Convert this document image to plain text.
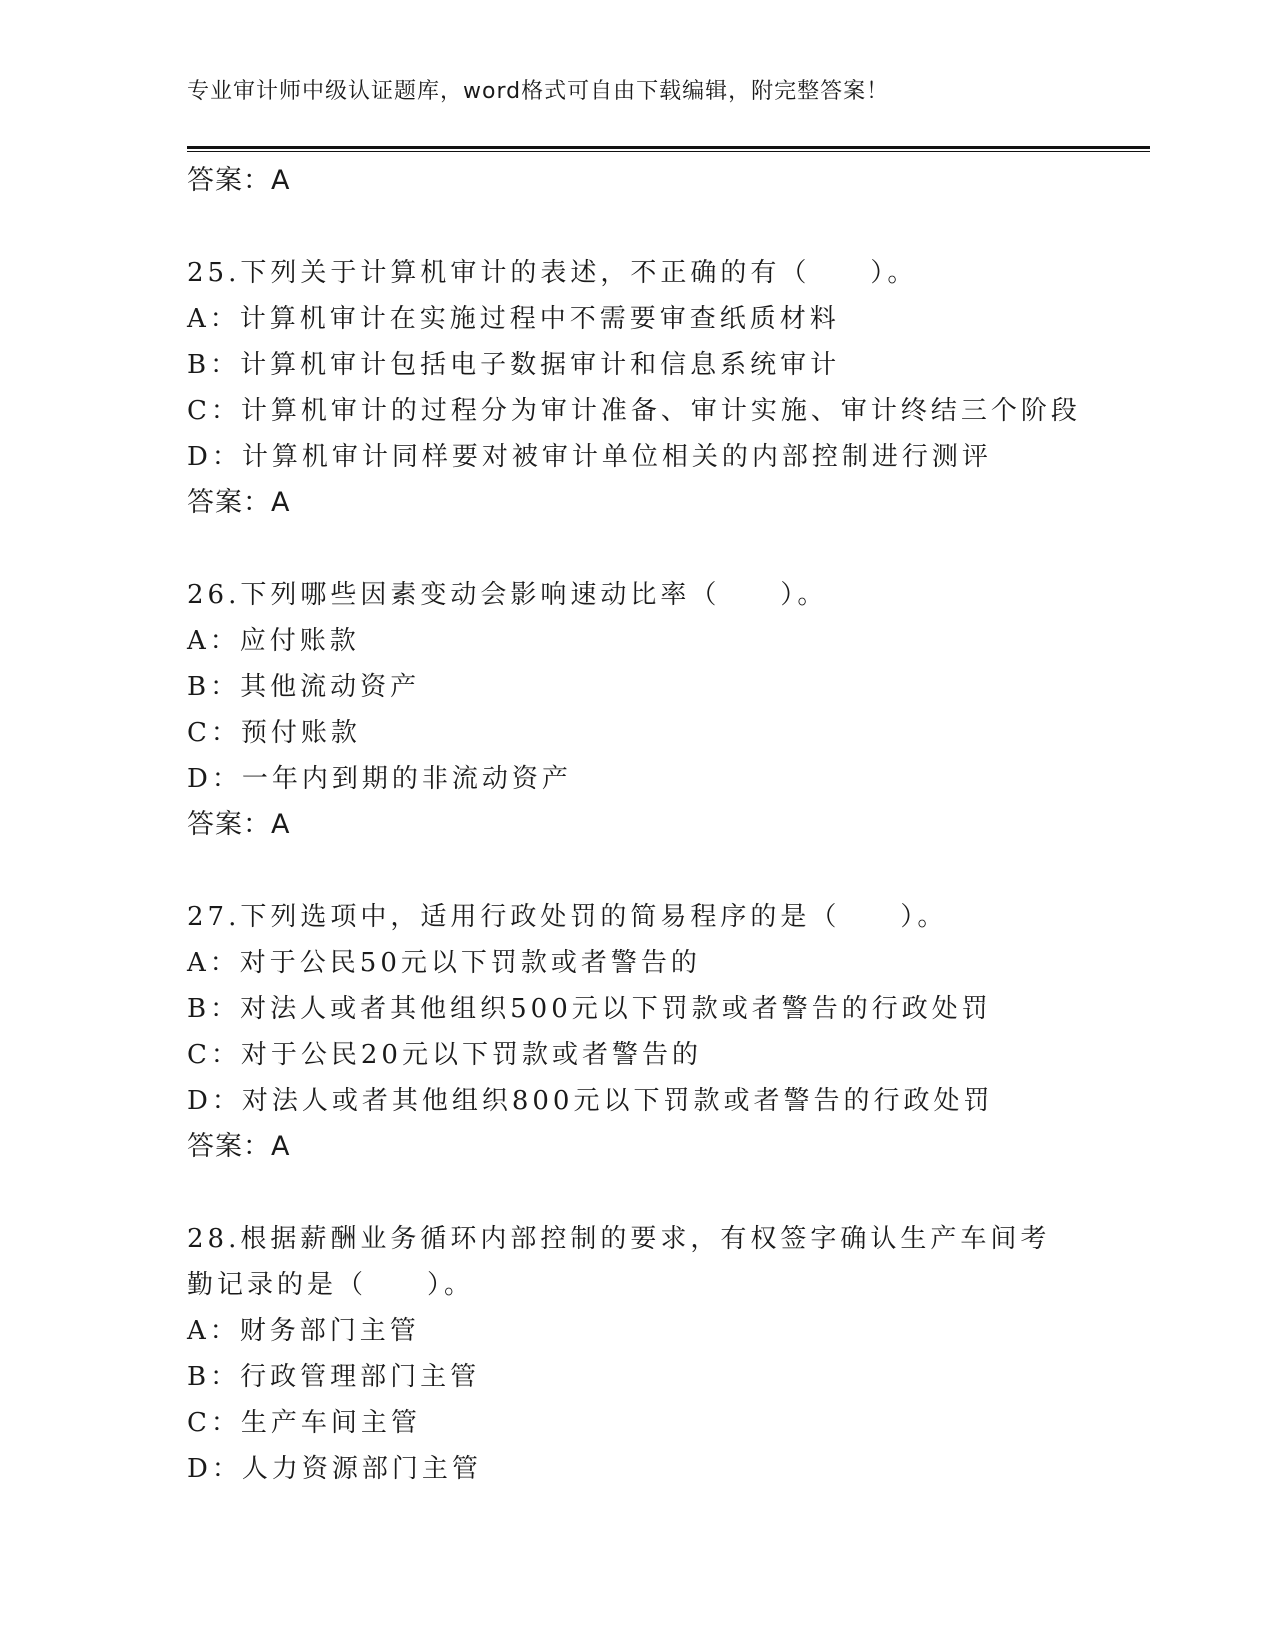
专业审计师中级认证题库，word格式可自由下载编辑，附完整答案！
答案：A
25.下列关于计算机审计的表述，不正确的有（　　）。
A：计算机审计在实施过程中不需要审查纸质材料
B：计算机审计包括电子数据审计和信息系统审计
C：计算机审计的过程分为审计准备、审计实施、审计终结三个阶段
D：计算机审计同样要对被审计单位相关的内部控制进行测评
答案：A
26.下列哪些因素变动会影响速动比率（　　）。
A：应付账款
B：其他流动资产
C：预付账款
D：一年内到期的非流动资产
答案：A
27.下列选项中，适用行政处罚的简易程序的是（　　）。
A：对于公民50元以下罚款或者警告的
B：对法人或者其他组织500元以下罚款或者警告的行政处罚
C：对于公民20元以下罚款或者警告的
D：对法人或者其他组织800元以下罚款或者警告的行政处罚
答案：A
28.根据薪酬业务循环内部控制的要求，有权签字确认生产车间考勤记录的是（　　）。
A：财务部门主管
B：行政管理部门主管
C：生产车间主管
D：人力资源部门主管
